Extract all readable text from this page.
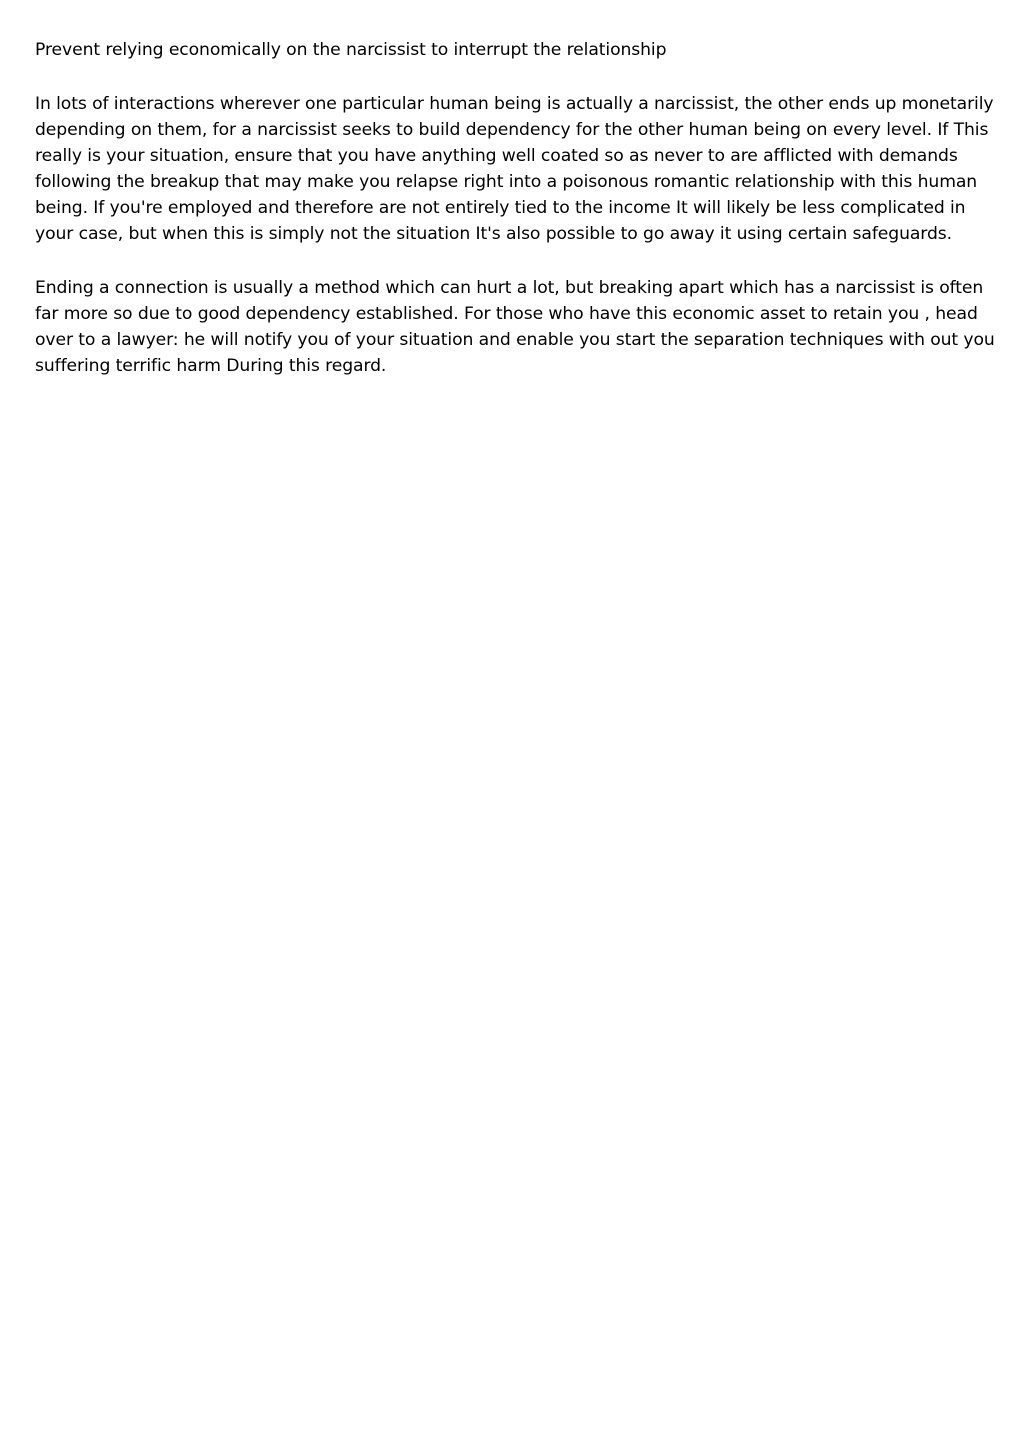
Prevent relying economically on the narcissist to interrupt the relationship

In lots of interactions wherever one particular human being is actually a narcissist, the other ends up monetarily depending on them, for a narcissist seeks to build dependency for the other human being on every level. If This really is your situation, ensure that you have anything well coated so as never to are afflicted with demands following the breakup that may make you relapse right into a poisonous romantic relationship with this human being. If you're employed and therefore are not entirely tied to the income It will likely be less complicated in your case, but when this is simply not the situation It's also possible to go away it using certain safeguards.

Ending a connection is usually a method which can hurt a lot, but breaking apart which has a narcissist is often far more so due to good dependency established. For those who have this economic asset to retain you , head over to a lawyer: he will notify you of your situation and enable you start the separation techniques with out you suffering terrific harm During this regard.
